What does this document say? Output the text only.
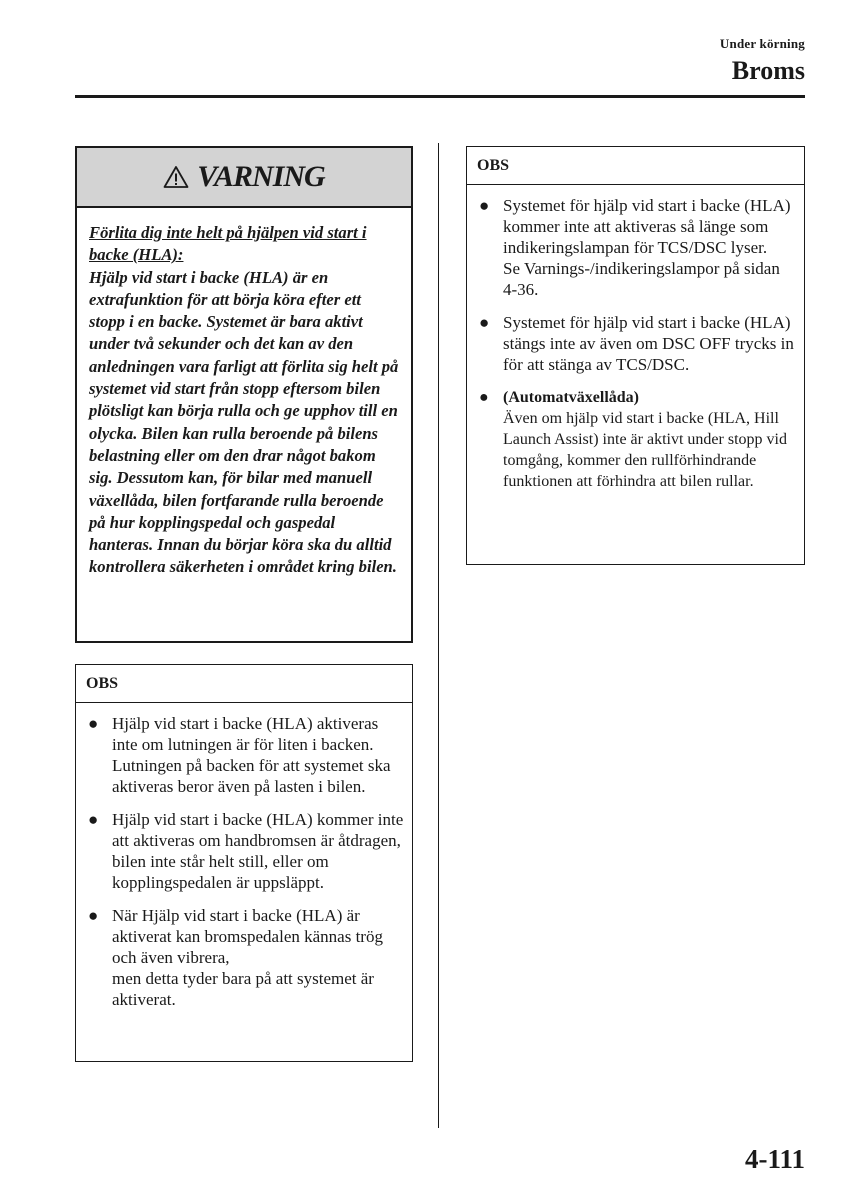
Under körning
Broms
VARNING
Förlita dig inte helt på hjälpen vid start i backe (HLA):
Hjälp vid start i backe (HLA) är en extrafunktion för att börja köra efter ett stopp i en backe. Systemet är bara aktivt under två sekunder och det kan av den anledningen vara farligt att förlita sig helt på systemet vid start från stopp eftersom bilen plötsligt kan börja rulla och ge upphov till en olycka. Bilen kan rulla beroende på bilens belastning eller om den drar något bakom sig. Dessutom kan, för bilar med manuell växellåda, bilen fortfarande rulla beroende på hur kopplingspedal och gaspedal hanteras. Innan du börjar köra ska du alltid kontrollera säkerheten i området kring bilen.
OBS
● Hjälp vid start i backe (HLA) aktiveras inte om lutningen är för liten i backen. Lutningen på backen för att systemet ska aktiveras beror även på lasten i bilen.
● Hjälp vid start i backe (HLA) kommer inte att aktiveras om handbromsen är åtdragen,
bilen inte står helt still, eller om kopplingspedalen är uppsläppt.
● När Hjälp vid start i backe (HLA) är aktiverat kan bromspedalen kännas trög och även vibrera,
men detta tyder bara på att systemet är aktiverat.
OBS
● Systemet för hjälp vid start i backe (HLA) kommer inte att aktiveras så länge som indikeringslampan för TCS/DSC lyser.
Se Varnings-/indikeringslampor på sidan 4-36.
● Systemet för hjälp vid start i backe (HLA) stängs inte av även om DSC OFF trycks in för att stänga av TCS/DSC.
● (Automatväxellåda)
Även om hjälp vid start i backe (HLA, Hill Launch Assist) inte är aktivt under stopp vid tomgång, kommer den rullförhindrande funktionen att förhindra att bilen rullar.
4-111
